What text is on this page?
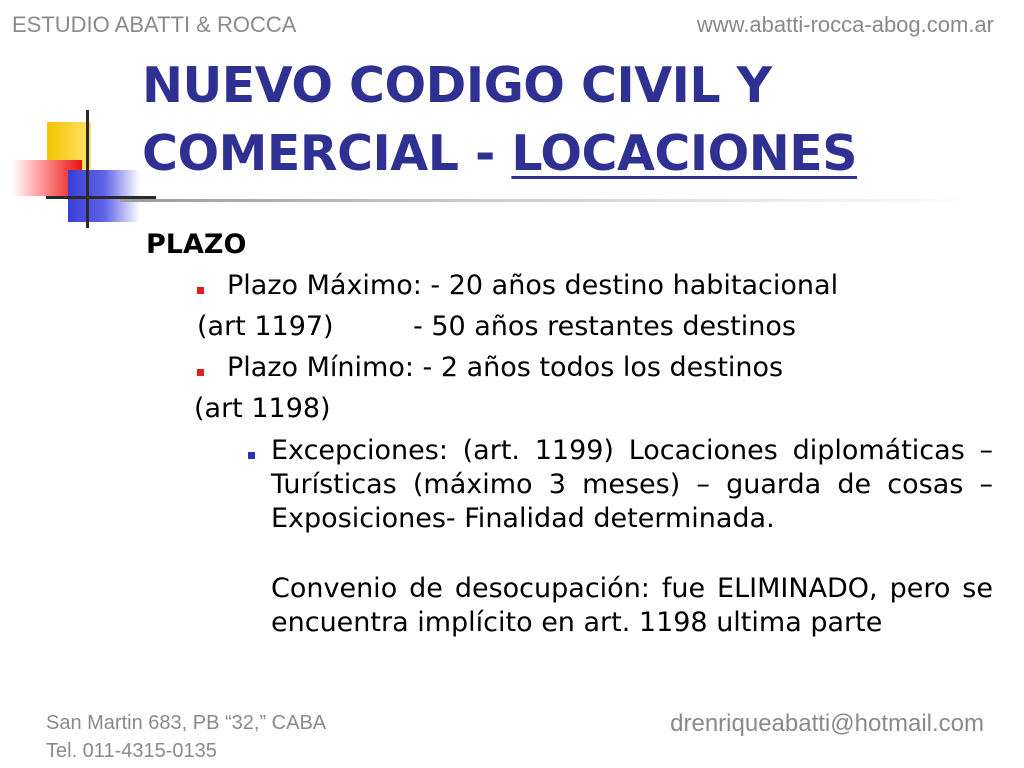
ESTUDIO ABATTI & ROCCA	www.abatti-rocca-abog.com.ar
NUEVO CODIGO CIVIL Y
COMERCIAL - LOCACIONES
PLAZO
Plazo Máximo: - 20 años destino habitacional
(art 1197)	- 50 años restantes destinos
Plazo Mínimo: - 2 años todos los destinos
(art 1198)
Excepciones: (art. 1199) Locaciones diplomáticas – Turísticas (máximo 3 meses) – guarda de cosas – Exposiciones- Finalidad determinada.
Convenio de desocupación: fue ELIMINADO, pero se encuentra implícito en art. 1198 ultima parte
San Martin 683, PB “32,” CABA
Tel. 011-4315-0135
drenriqueabatti@hotmail.com
